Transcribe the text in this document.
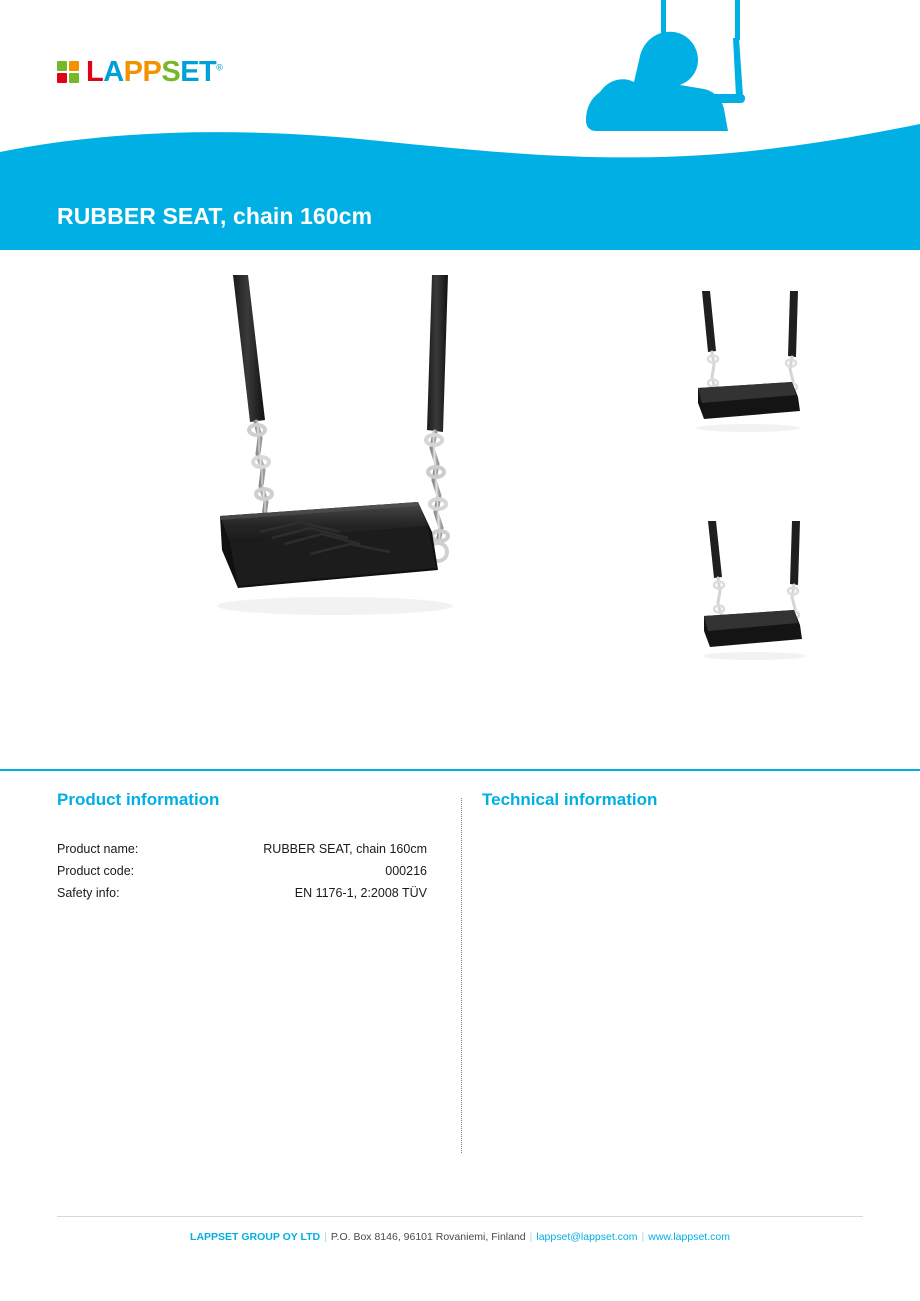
LAPPSET®
RUBBER SEAT, chain 160cm
Product information
Product name:	RUBBER SEAT, chain 160cm
Product code:	000216
Safety info:	EN 1176-1, 2:2008 TÜV
Technical information
LAPPSET GROUP OY LTD | P.O. Box 8146, 96101 Rovaniemi, Finland | lappset@lappset.com | www.lappset.com
